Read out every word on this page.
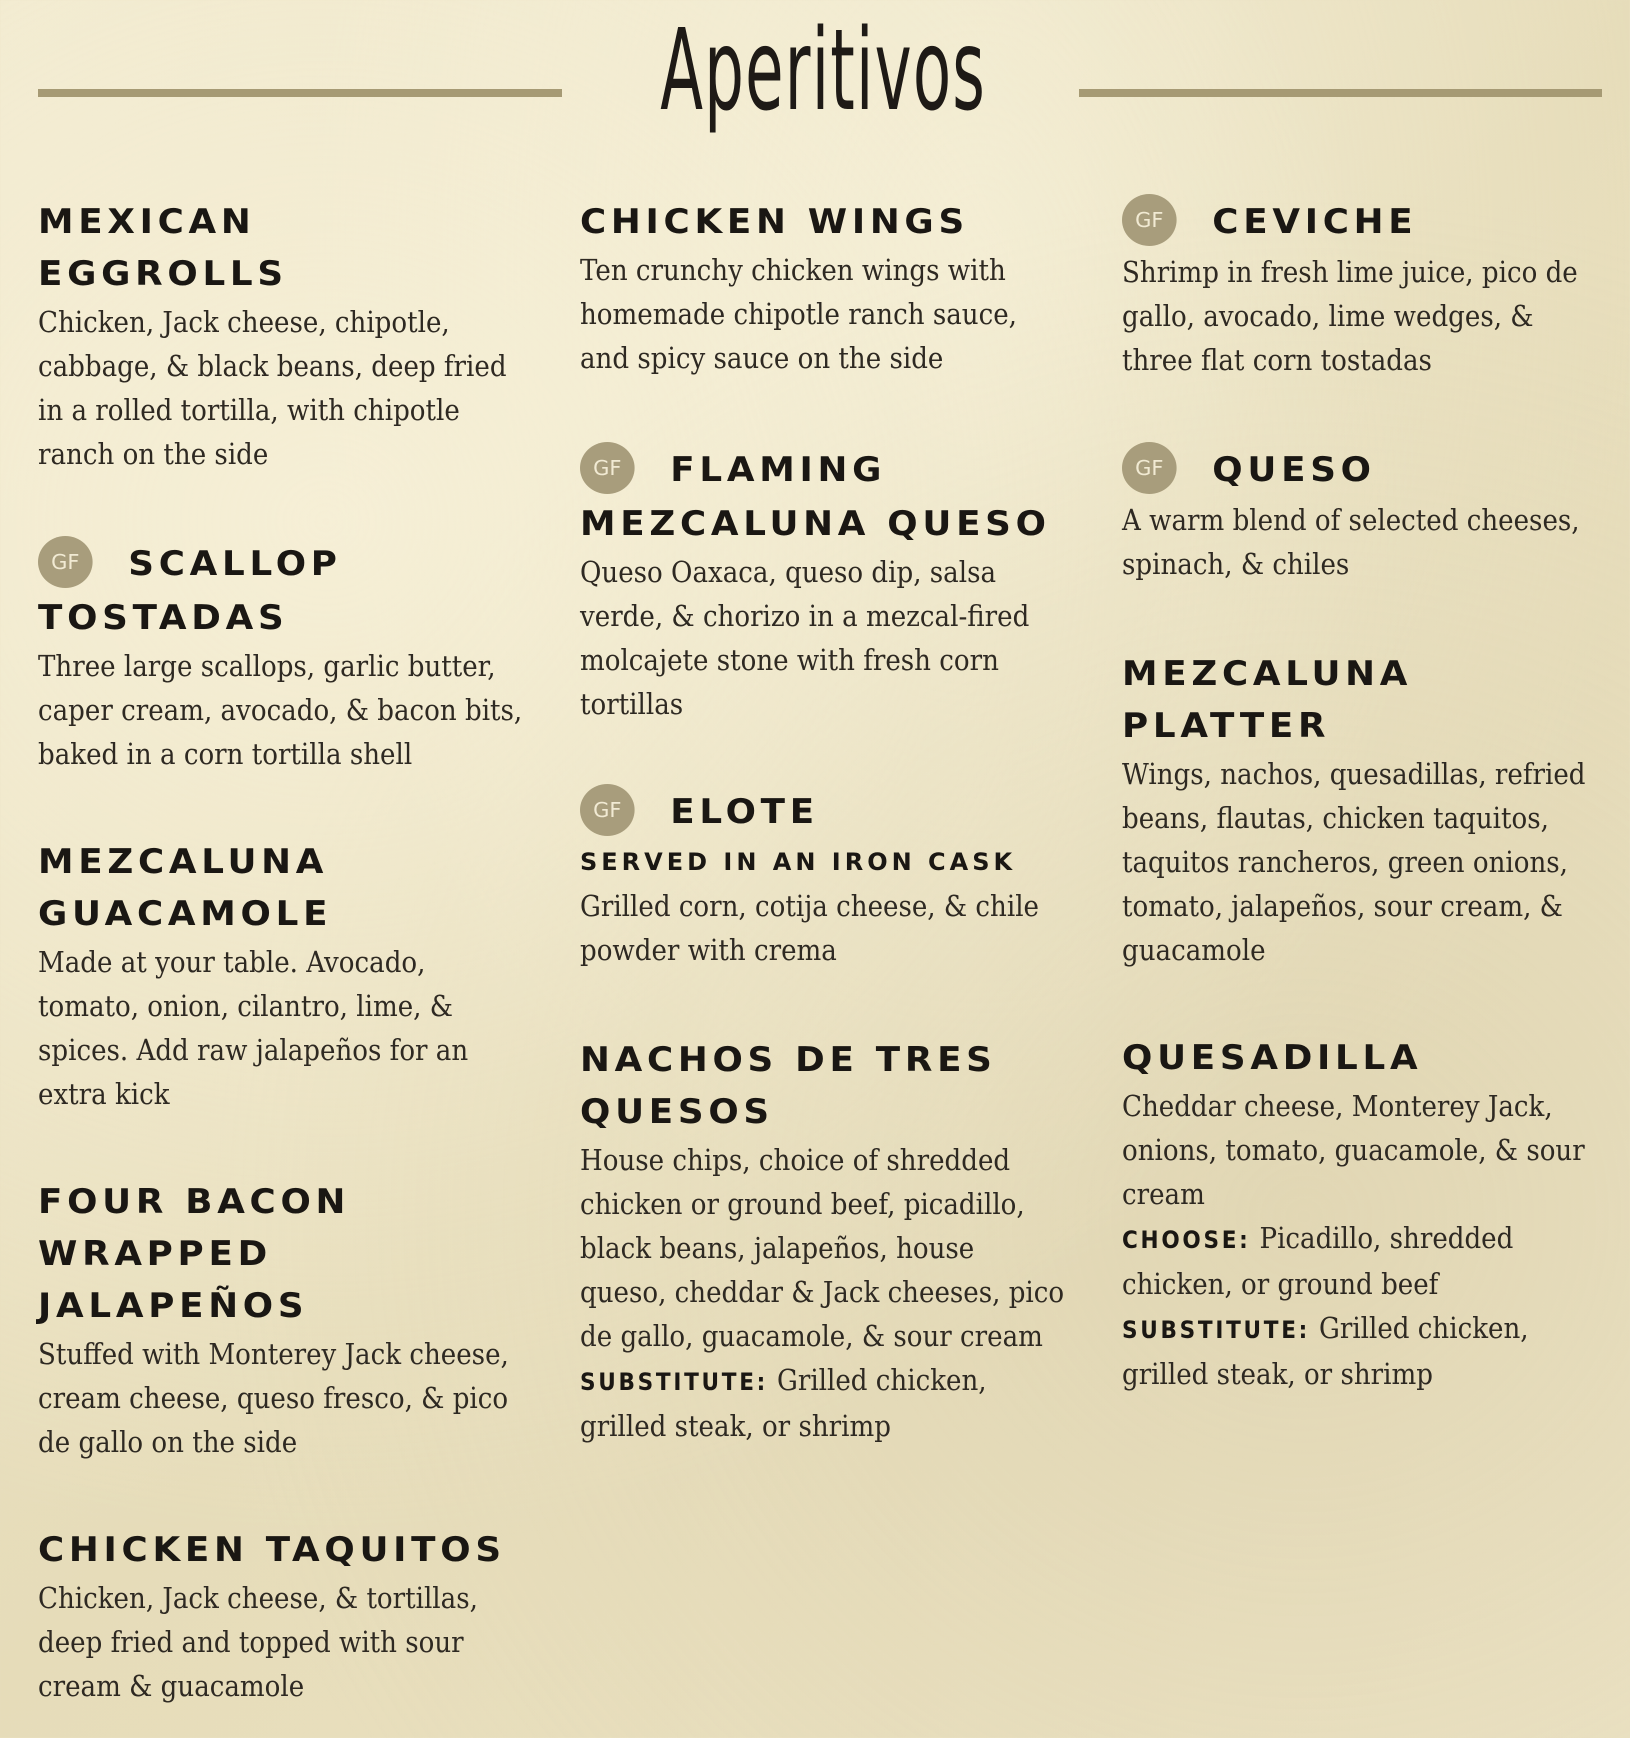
Aperitivos
MEXICAN
EGGROLLS

Chicken, Jack cheese, chipotle, cabbage, & black beans, deep fried in a rolled tortilla, with chipotle ranch on the side

GF SCALLOP
TOSTADAS

Three large scallops, garlic butter, caper cream, avocado, & bacon bits, baked in a corn tortilla shell

MEZCALUNA
GUACAMOLE

Made at your table. Avocado, tomato, onion, cilantro, lime, & spices. Add raw jalapeños for an extra kick

FOUR BACON
WRAPPED
JALAPEÑOS

Stuffed with Monterey Jack cheese, cream cheese, queso fresco, & pico de gallo on the side

CHICKEN TAQUITOS

Chicken, Jack cheese, & tortillas, deep fried and topped with sour cream & guacamole

CHICKEN WINGS

Ten crunchy chicken wings with homemade chipotle ranch sauce, and spicy sauce on the side

GF FLAMING
MEZCALUNA QUESO

Queso Oaxaca, queso dip, salsa verde, & chorizo in a mezcal-fired molcajete stone with fresh corn tortillas

GF ELOTE

SERVED IN AN IRON CASK

Grilled corn, cotija cheese, & chile powder with crema

NACHOS DE TRES
QUESOS

House chips, choice of shredded chicken or ground beef, picadillo, black beans, jalapeños, house queso, cheddar & Jack cheeses, pico de gallo, guacamole, & sour cream

SUBSTITUTE: Grilled chicken, grilled steak, or shrimp
GF CEVICHE

Shrimp in fresh lime juice, pico de gallo, avocado, lime wedges, & three flat corn tostadas

GF QUESO

A warm blend of selected cheeses, spinach, & chiles

MEZCALUNA
PLATTER

Wings, nachos, quesadillas, refried beans, flautas, chicken taquitos, taquitos rancheros, green onions, tomato, jalapeños, sour cream, & guacamole

QUESADILLA

Cheddar cheese, Monterey Jack, onions, tomato, guacamole, & sour cream

CHOOSE: Picadillo, shredded chicken, or ground beef
SUBSTITUTE: Grilled chicken, grilled steak, or shrimp
